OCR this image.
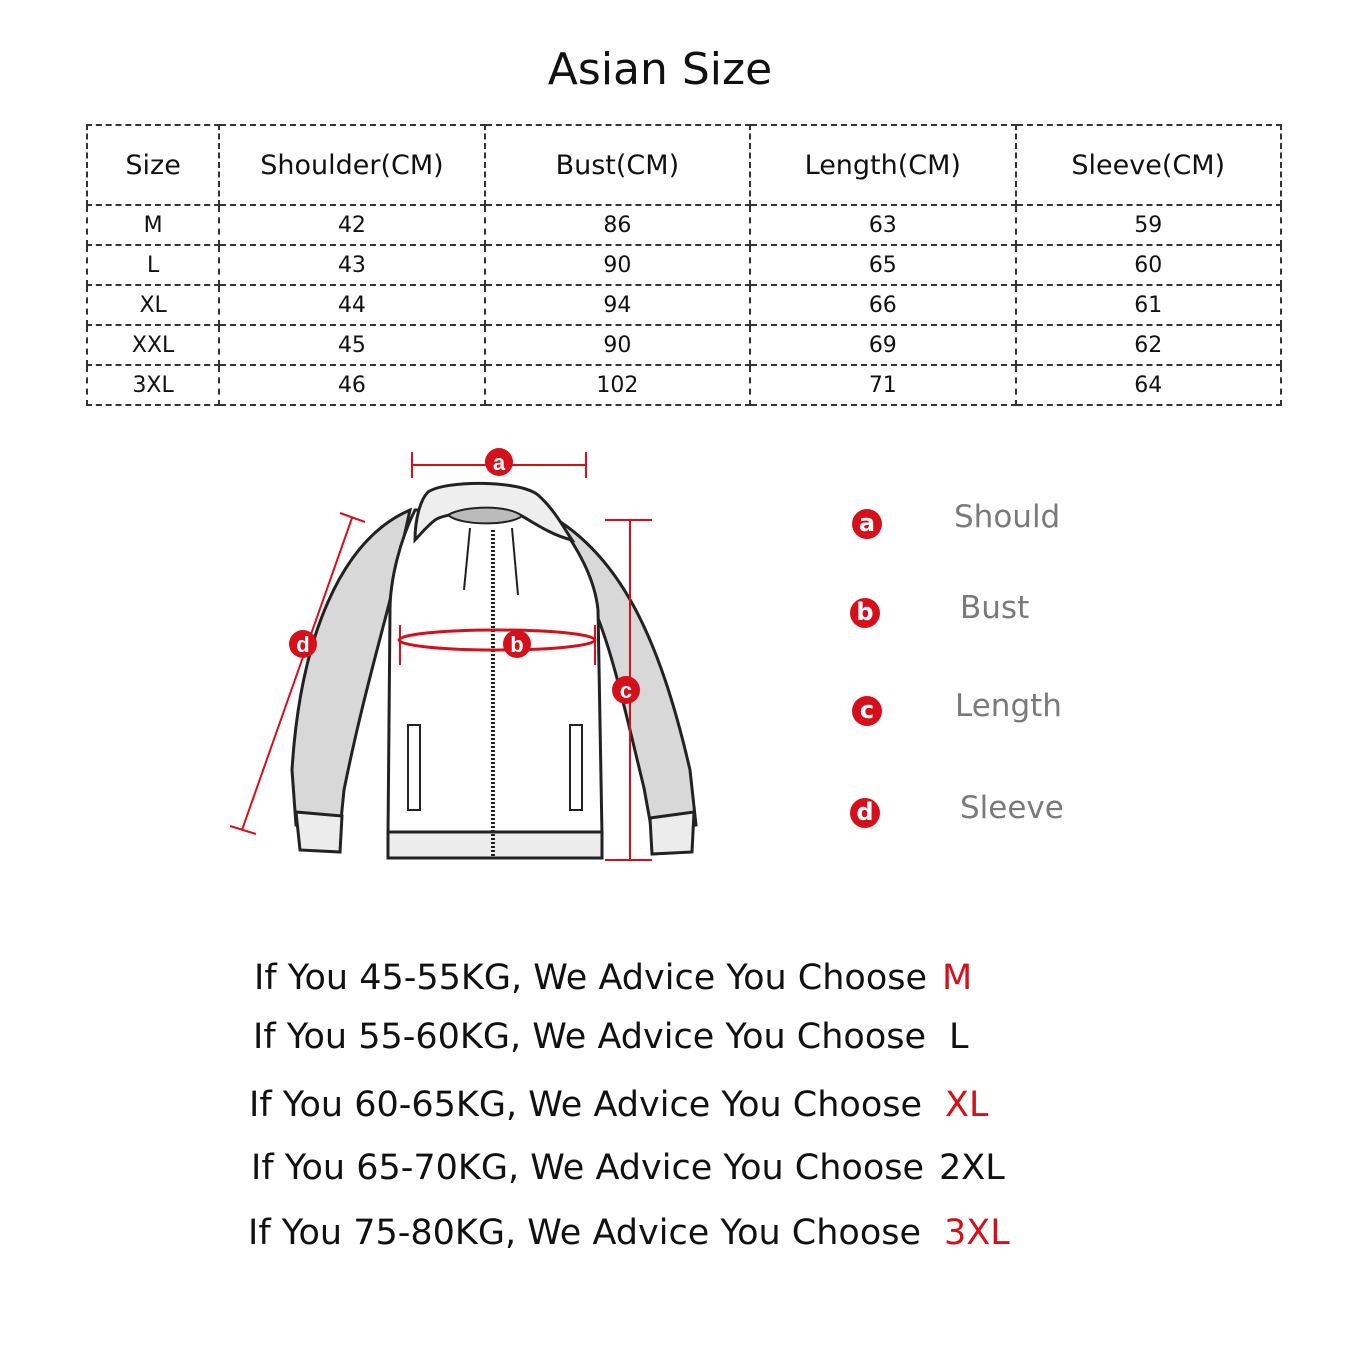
Asian Size
Size	Shoulder(CM)	Bust(CM)	Length(CM)	Sleeve(CM)
M	42	86	63	59
L	43	90	65	60
XL	44	94	66	61
XXL	45	90	69	62
3XL	46	102	71	64
a
b
c
d
a	Should
b	Bust
c	Length
d	Sleeve
If You 45-55KG, We Advice You Choose M
If You 55-60KG, We Advice You Choose L
If You 60-65KG, We Advice You Choose XL
If You 65-70KG, We Advice You Choose 2XL
If You 75-80KG, We Advice You Choose 3XL
